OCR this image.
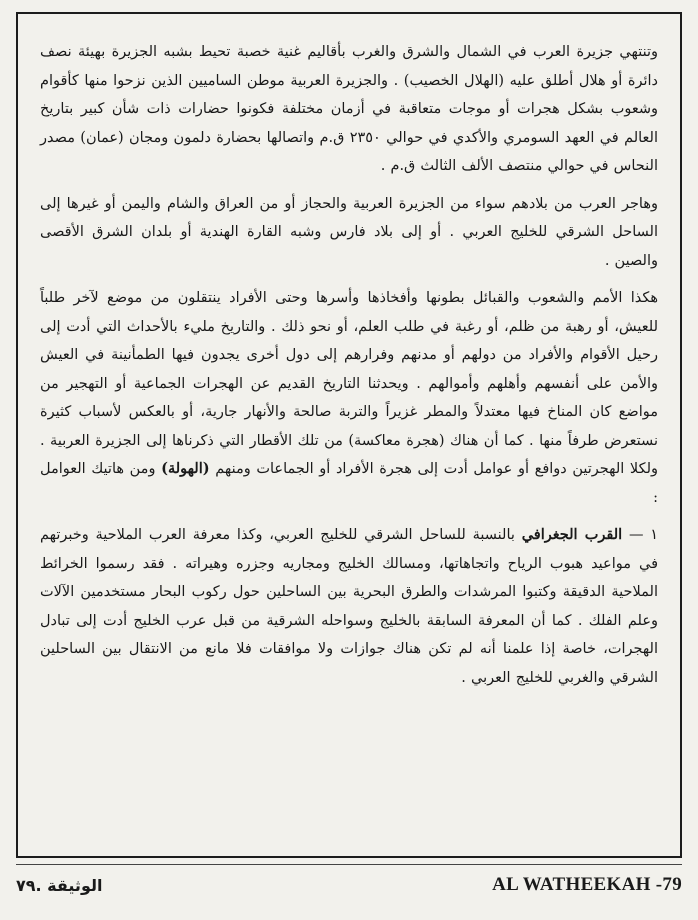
وتنتهي جزيرة العرب في الشمال والشرق والغرب بأقاليم غنية خصبة تحيط بشبه الجزيرة بهيئة نصف دائرة أو هلال أطلق عليه (الهلال الخصيب) . والجزيرة العربية موطن الساميين الذين نزحوا منها كأقوام وشعوب بشكل هجرات أو موجات متعاقبة في أزمان مختلفة فكونوا حضارات ذات شأن كبير بتاريخ العالم في العهد السومري والأكدي في حوالي ٢٣٥٠ ق.م واتصالها بحضارة دلمون ومجان (عمان) مصدر النحاس في حوالي منتصف الألف الثالث ق.م .

وهاجر العرب من بلادهم سواء من الجزيرة العربية والحجاز أو من العراق والشام واليمن أو غيرها إلى الساحل الشرقي للخليج العربي . أو إلى بلاد فارس وشبه القارة الهندية أو بلدان الشرق الأقصى والصين .

هكذا الأمم والشعوب والقبائل بطونها وأفخاذها وأسرها وحتى الأفراد ينتقلون من موضع لآخر طلباً للعيش، أو رهبة من ظلم، أو رغبة في طلب العلم، أو نحو ذلك . والتاريخ مليء بالأحداث التي أدت إلى رحيل الأقوام والأفراد من دولهم أو مدنهم وفرارهم إلى دول أخرى يجدون فيها الطمأنينة في العيش والأمن على أنفسهم وأهلهم وأموالهم . ويحدثنا التاريخ القديم عن الهجرات الجماعية أو التهجير من مواضع كان المناخ فيها معتدلاً والمطر غزيراً والتربة صالحة والأنهار جارية، أو بالعكس لأسباب كثيرة نستعرض طرفاً منها . كما أن هناك (هجرة معاكسة) من تلك الأقطار التي ذكرناها إلى الجزيرة العربية . ولكلا الهجرتين دوافع أو عوامل أدت إلى هجرة الأفراد أو الجماعات ومنهم (الهولة) ومن هاتيك العوامل :

١ — القرب الجغرافي بالنسبة للساحل الشرقي للخليج العربي، وكذا معرفة العرب الملاحية وخبرتهم في مواعيد هبوب الرياح واتجاهاتها، ومسالك الخليج ومجاريه وجزره وهيراته . فقد رسموا الخرائط الملاحية الدقيقة وكتبوا المرشدات والطرق البحرية بين الساحلين حول ركوب البحار مستخدمين الآلات وعلم الفلك . كما أن المعرفة السابقة بالخليج وسواحله الشرقية من قبل عرب الخليج أدت إلى تبادل الهجرات، خاصة إذا علمنا أنه لم تكن هناك جوازات ولا موافقات فلا مانع من الانتقال بين الساحلين الشرقي والغربي للخليج العربي .

الوثيقة .٧٩	AL WATHEEKAH -79
